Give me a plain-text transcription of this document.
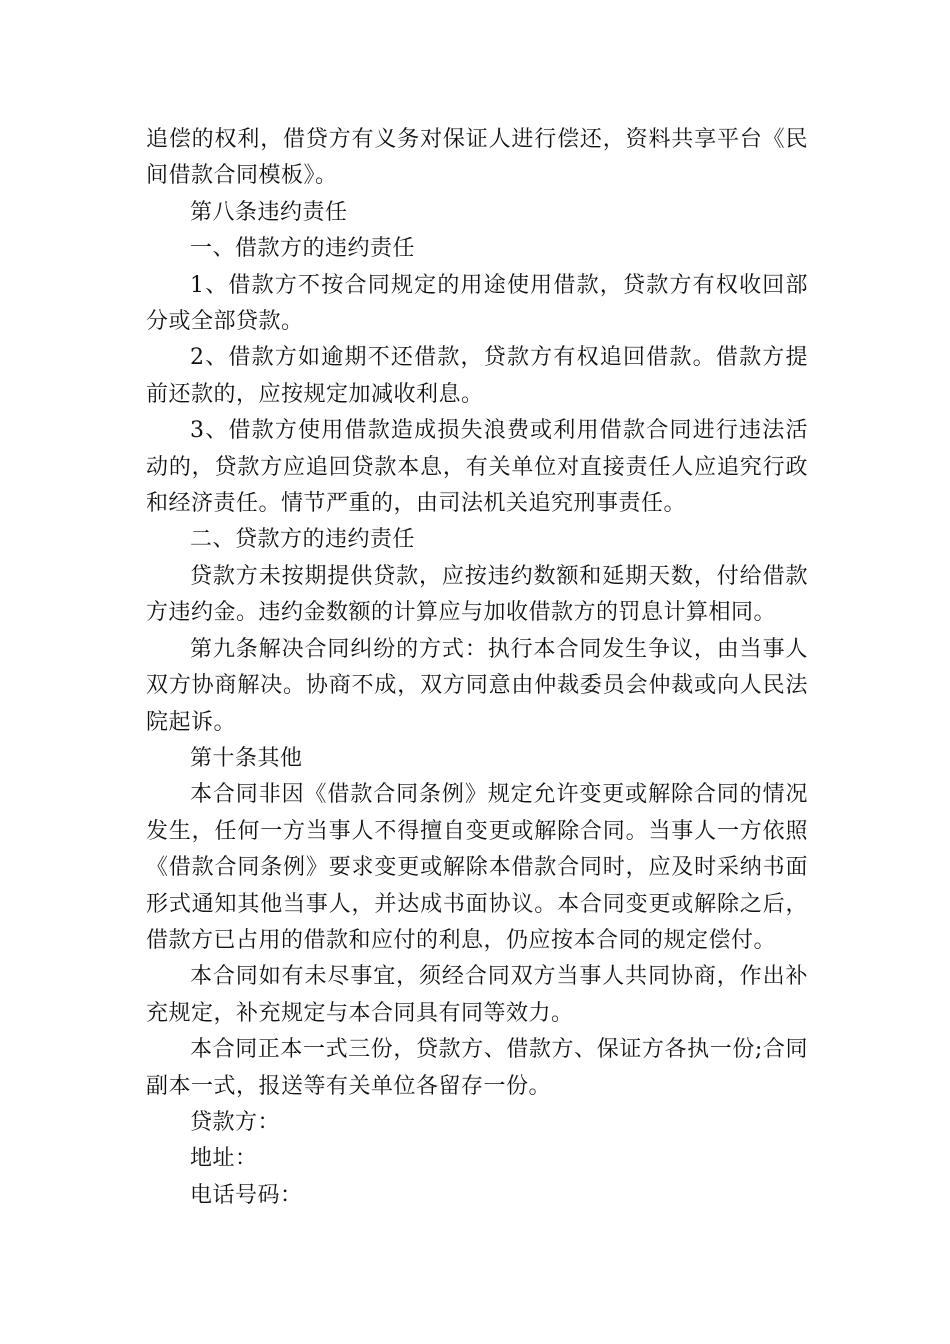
追偿的权利，借贷方有义务对保证人进行偿还，资料共享平台《民间借款合同模板》。

第八条违约责任

一、借款方的违约责任

1、借款方不按合同规定的用途使用借款，贷款方有权收回部分或全部贷款。

2、借款方如逾期不还借款，贷款方有权追回借款。借款方提前还款的，应按规定加减收利息。

3、借款方使用借款造成损失浪费或利用借款合同进行违法活动的，贷款方应追回贷款本息，有关单位对直接责任人应追究行政和经济责任。情节严重的，由司法机关追究刑事责任。

二、贷款方的违约责任

贷款方未按期提供贷款，应按违约数额和延期天数，付给借款方违约金。违约金数额的计算应与加收借款方的罚息计算相同。

第九条解决合同纠纷的方式：执行本合同发生争议，由当事人双方协商解决。协商不成，双方同意由仲裁委员会仲裁或向人民法院起诉。

第十条其他

本合同非因《借款合同条例》规定允许变更或解除合同的情况发生，任何一方当事人不得擅自变更或解除合同。当事人一方依照《借款合同条例》要求变更或解除本借款合同时，应及时采纳书面形式通知其他当事人，并达成书面协议。本合同变更或解除之后，借款方已占用的借款和应付的利息，仍应按本合同的规定偿付。

本合同如有未尽事宜，须经合同双方当事人共同协商，作出补充规定，补充规定与本合同具有同等效力。

本合同正本一式三份，贷款方、借款方、保证方各执一份;合同副本一式，报送等有关单位各留存一份。

贷款方：

地址：

电话号码：
